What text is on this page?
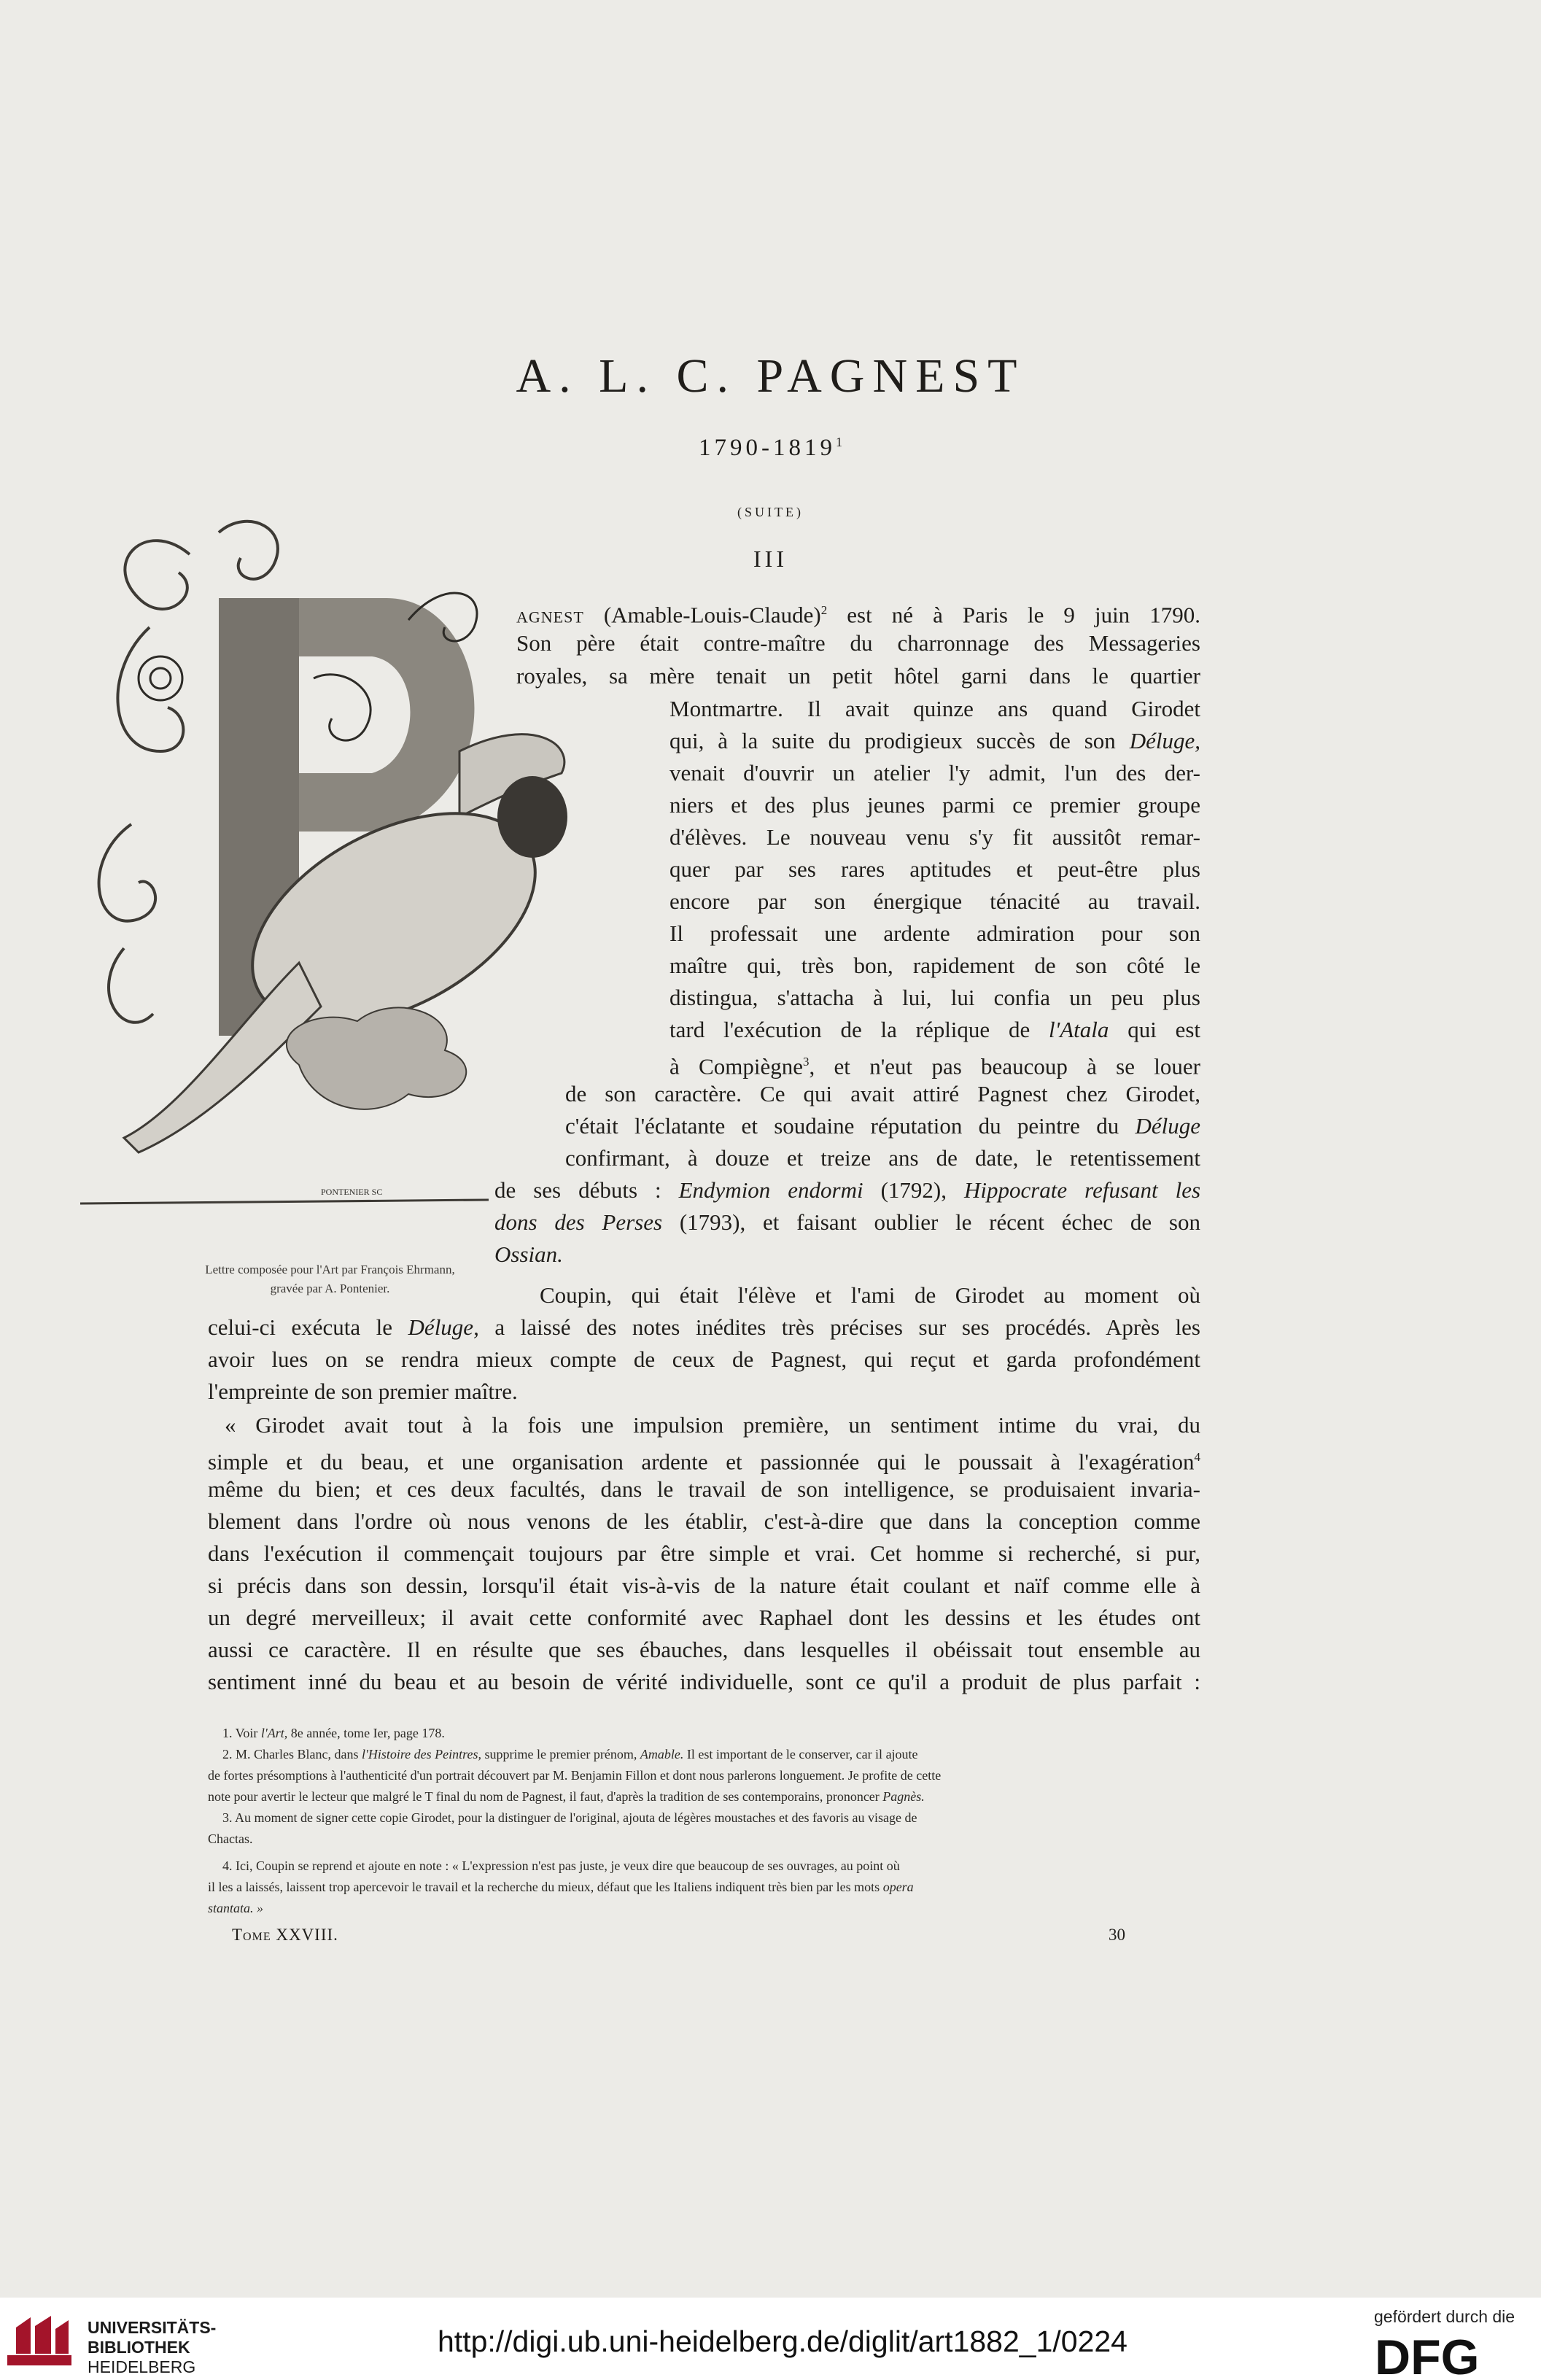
A. L. C. PAGNEST
1790-1819$^1$
(SUITE)
III
PONTENIER SC
Lettre composée pour l'Art par François Ehrmann,
gravée par A. Pontenier.
agnest (Amable-Louis-Claude)$^2$ est né à Paris le 9 juin 1790.
Son père était contre-maître du charronnage des Messageries
royales, sa mère tenait un petit hôtel garni dans le quartier
Montmartre. Il avait quinze ans quand Girodet
qui, à la suite du prodigieux succès de son Déluge,
venait d'ouvrir un atelier l'y admit, l'un des der-
niers et des plus jeunes parmi ce premier groupe
d'élèves. Le nouveau venu s'y fit aussitôt remar-
quer par ses rares aptitudes et peut-être plus
encore par son énergique ténacité au travail.
Il professait une ardente admiration pour son
maître qui, très bon, rapidement de son côté le
distingua, s'attacha à lui, lui confia un peu plus
tard l'exécution de la réplique de l'Atala qui est
à Compiègne$^3$, et n'eut pas beaucoup à se louer
de son caractère. Ce qui avait attiré Pagnest chez Girodet,
c'était l'éclatante et soudaine réputation du peintre du Déluge
confirmant, à douze et treize ans de date, le retentissement
de ses débuts : Endymion endormi (1792), Hippocrate refusant les
dons des Perses (1793), et faisant oublier le récent échec de son
Ossian.
Coupin, qui était l'élève et l'ami de Girodet au moment où
celui-ci exécuta le Déluge, a laissé des notes inédites très précises sur ses procédés. Après les
avoir lues on se rendra mieux compte de ceux de Pagnest, qui reçut et garda profondément
l'empreinte de son premier maître.
« Girodet avait tout à la fois une impulsion première, un sentiment intime du vrai, du
simple et du beau, et une organisation ardente et passionnée qui le poussait à l'exagération$^4$
même du bien; et ces deux facultés, dans le travail de son intelligence, se produisaient invaria-
blement dans l'ordre où nous venons de les établir, c'est-à-dire que dans la conception comme
dans l'exécution il commençait toujours par être simple et vrai. Cet homme si recherché, si pur,
si précis dans son dessin, lorsqu'il était vis-à-vis de la nature était coulant et naïf comme elle à
un degré merveilleux; il avait cette conformité avec Raphael dont les dessins et les études ont
aussi ce caractère. Il en résulte que ses ébauches, dans lesquelles il obéissait tout ensemble au
sentiment inné du beau et au besoin de vérité individuelle, sont ce qu'il a produit de plus parfait :
1. Voir l'Art, 8e année, tome Ier, page 178.
2. M. Charles Blanc, dans l'Histoire des Peintres, supprime le premier prénom, Amable. Il est important de le conserver, car il ajoute
de fortes présomptions à l'authenticité d'un portrait découvert par M. Benjamin Fillon et dont nous parlerons longuement. Je profite de cette
note pour avertir le lecteur que malgré le T final du nom de Pagnest, il faut, d'après la tradition de ses contemporains, prononcer Pagnès.
3. Au moment de signer cette copie Girodet, pour la distinguer de l'original, ajouta de légères moustaches et des favoris au visage de
Chactas.
4. Ici, Coupin se reprend et ajoute en note : « L'expression n'est pas juste, je veux dire que beaucoup de ses ouvrages, au point où
il les a laissés, laissent trop apercevoir le travail et la recherche du mieux, défaut que les Italiens indiquent très bien par les mots opera
stantata. »
Tome XXVIII.	30
UNIVERSITÄTS-
BIBLIOTHEK
HEIDELBERG
http://digi.ub.uni-heidelberg.de/diglit/art1882_1/0224
gefördert durch die
DFG
